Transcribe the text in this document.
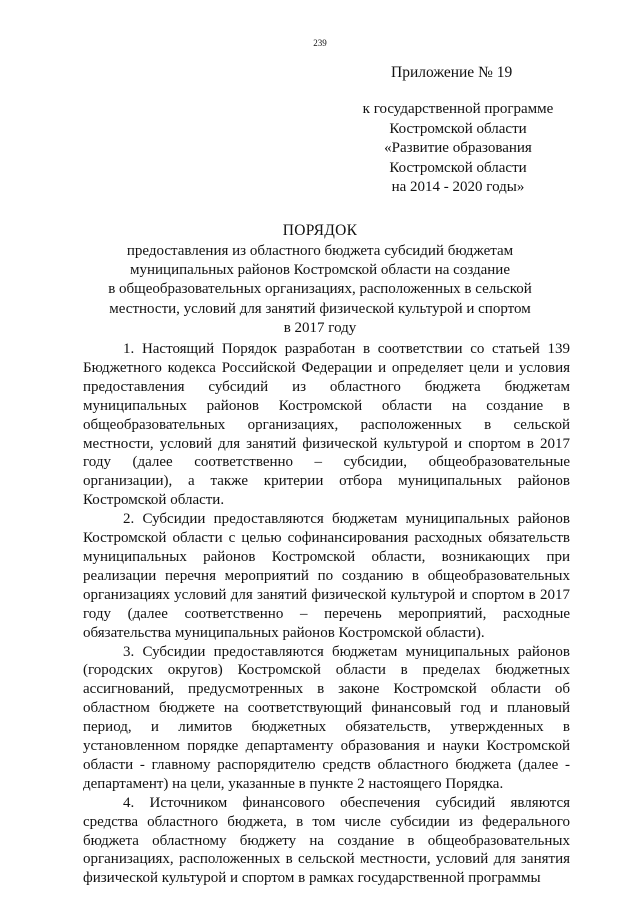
239
Приложение № 19
к государственной программе
Костромской области
«Развитие образования
Костромской области
на 2014 - 2020 годы»
ПОРЯДОК
предоставления из областного бюджета субсидий бюджетам
муниципальных районов Костромской области на создание
в общеобразовательных организациях, расположенных в сельской
местности, условий для занятий физической культурой и спортом
в 2017 году

1. Настоящий Порядок разработан в соответствии со статьей 139 Бюджетного кодекса Российской Федерации и определяет цели и условия предоставления субсидий из областного бюджета бюджетам муниципальных районов Костромской области на создание в общеобразовательных организациях, расположенных в сельской местности, условий для занятий физической культурой и спортом в 2017 году (далее соответственно – субсидии, общеобразовательные организации), а также критерии отбора муниципальных районов Костромской области.

2. Субсидии предоставляются бюджетам муниципальных районов Костромской области с целью софинансирования расходных обязательств муниципальных районов Костромской области, возникающих при реализации перечня мероприятий по созданию в общеобразовательных организациях условий для занятий физической культурой и спортом в 2017 году (далее соответственно – перечень мероприятий, расходные обязательства муниципальных районов Костромской области).

3. Субсидии предоставляются бюджетам муниципальных районов (городских округов) Костромской области в пределах бюджетных ассигнований, предусмотренных в законе Костромской области об областном бюджете на соответствующий финансовый год и плановый период, и лимитов бюджетных обязательств, утвержденных в установленном порядке департаменту образования и науки Костромской области - главному распорядителю средств областного бюджета (далее - департамент) на цели, указанные в пункте 2 настоящего Порядка.

4. Источником финансового обеспечения субсидий являются средства областного бюджета, в том числе субсидии из федерального бюджета областному бюджету на создание в общеобразовательных организациях, расположенных в сельской местности, условий для занятия физической культурой и спортом в рамках государственной программы
